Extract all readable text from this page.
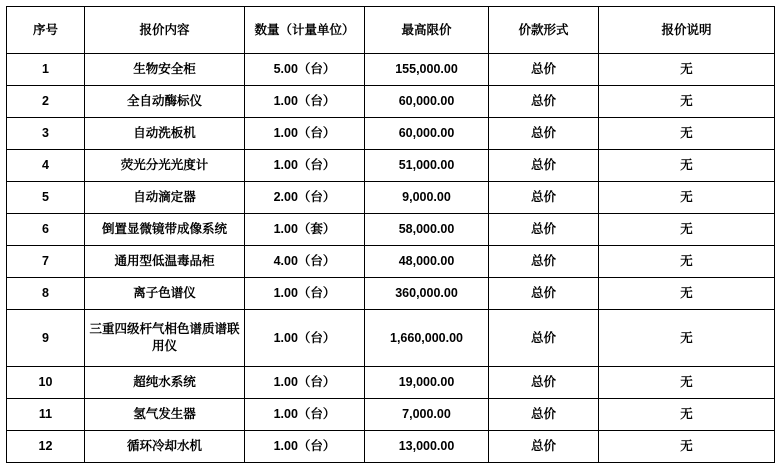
序号	报价内容	数量（计量单位）	最高限价	价款形式	报价说明
1	生物安全柜	5.00（台）	155,000.00	总价	无
2	全自动酶标仪	1.00（台）	60,000.00	总价	无
3	自动洗板机	1.00（台）	60,000.00	总价	无
4	荧光分光光度计	1.00（台）	51,000.00	总价	无
5	自动滴定器	2.00（台）	9,000.00	总价	无
6	倒置显微镜带成像系统	1.00（套）	58,000.00	总价	无
7	通用型低温毒品柜	4.00（台）	48,000.00	总价	无
8	离子色谱仪	1.00（台）	360,000.00	总价	无
9	三重四级杆气相色谱质谱联用仪	1.00（台）	1,660,000.00	总价	无
10	超纯水系统	1.00（台）	19,000.00	总价	无
11	氢气发生器	1.00（台）	7,000.00	总价	无
12	循环冷却水机	1.00（台）	13,000.00	总价	无
